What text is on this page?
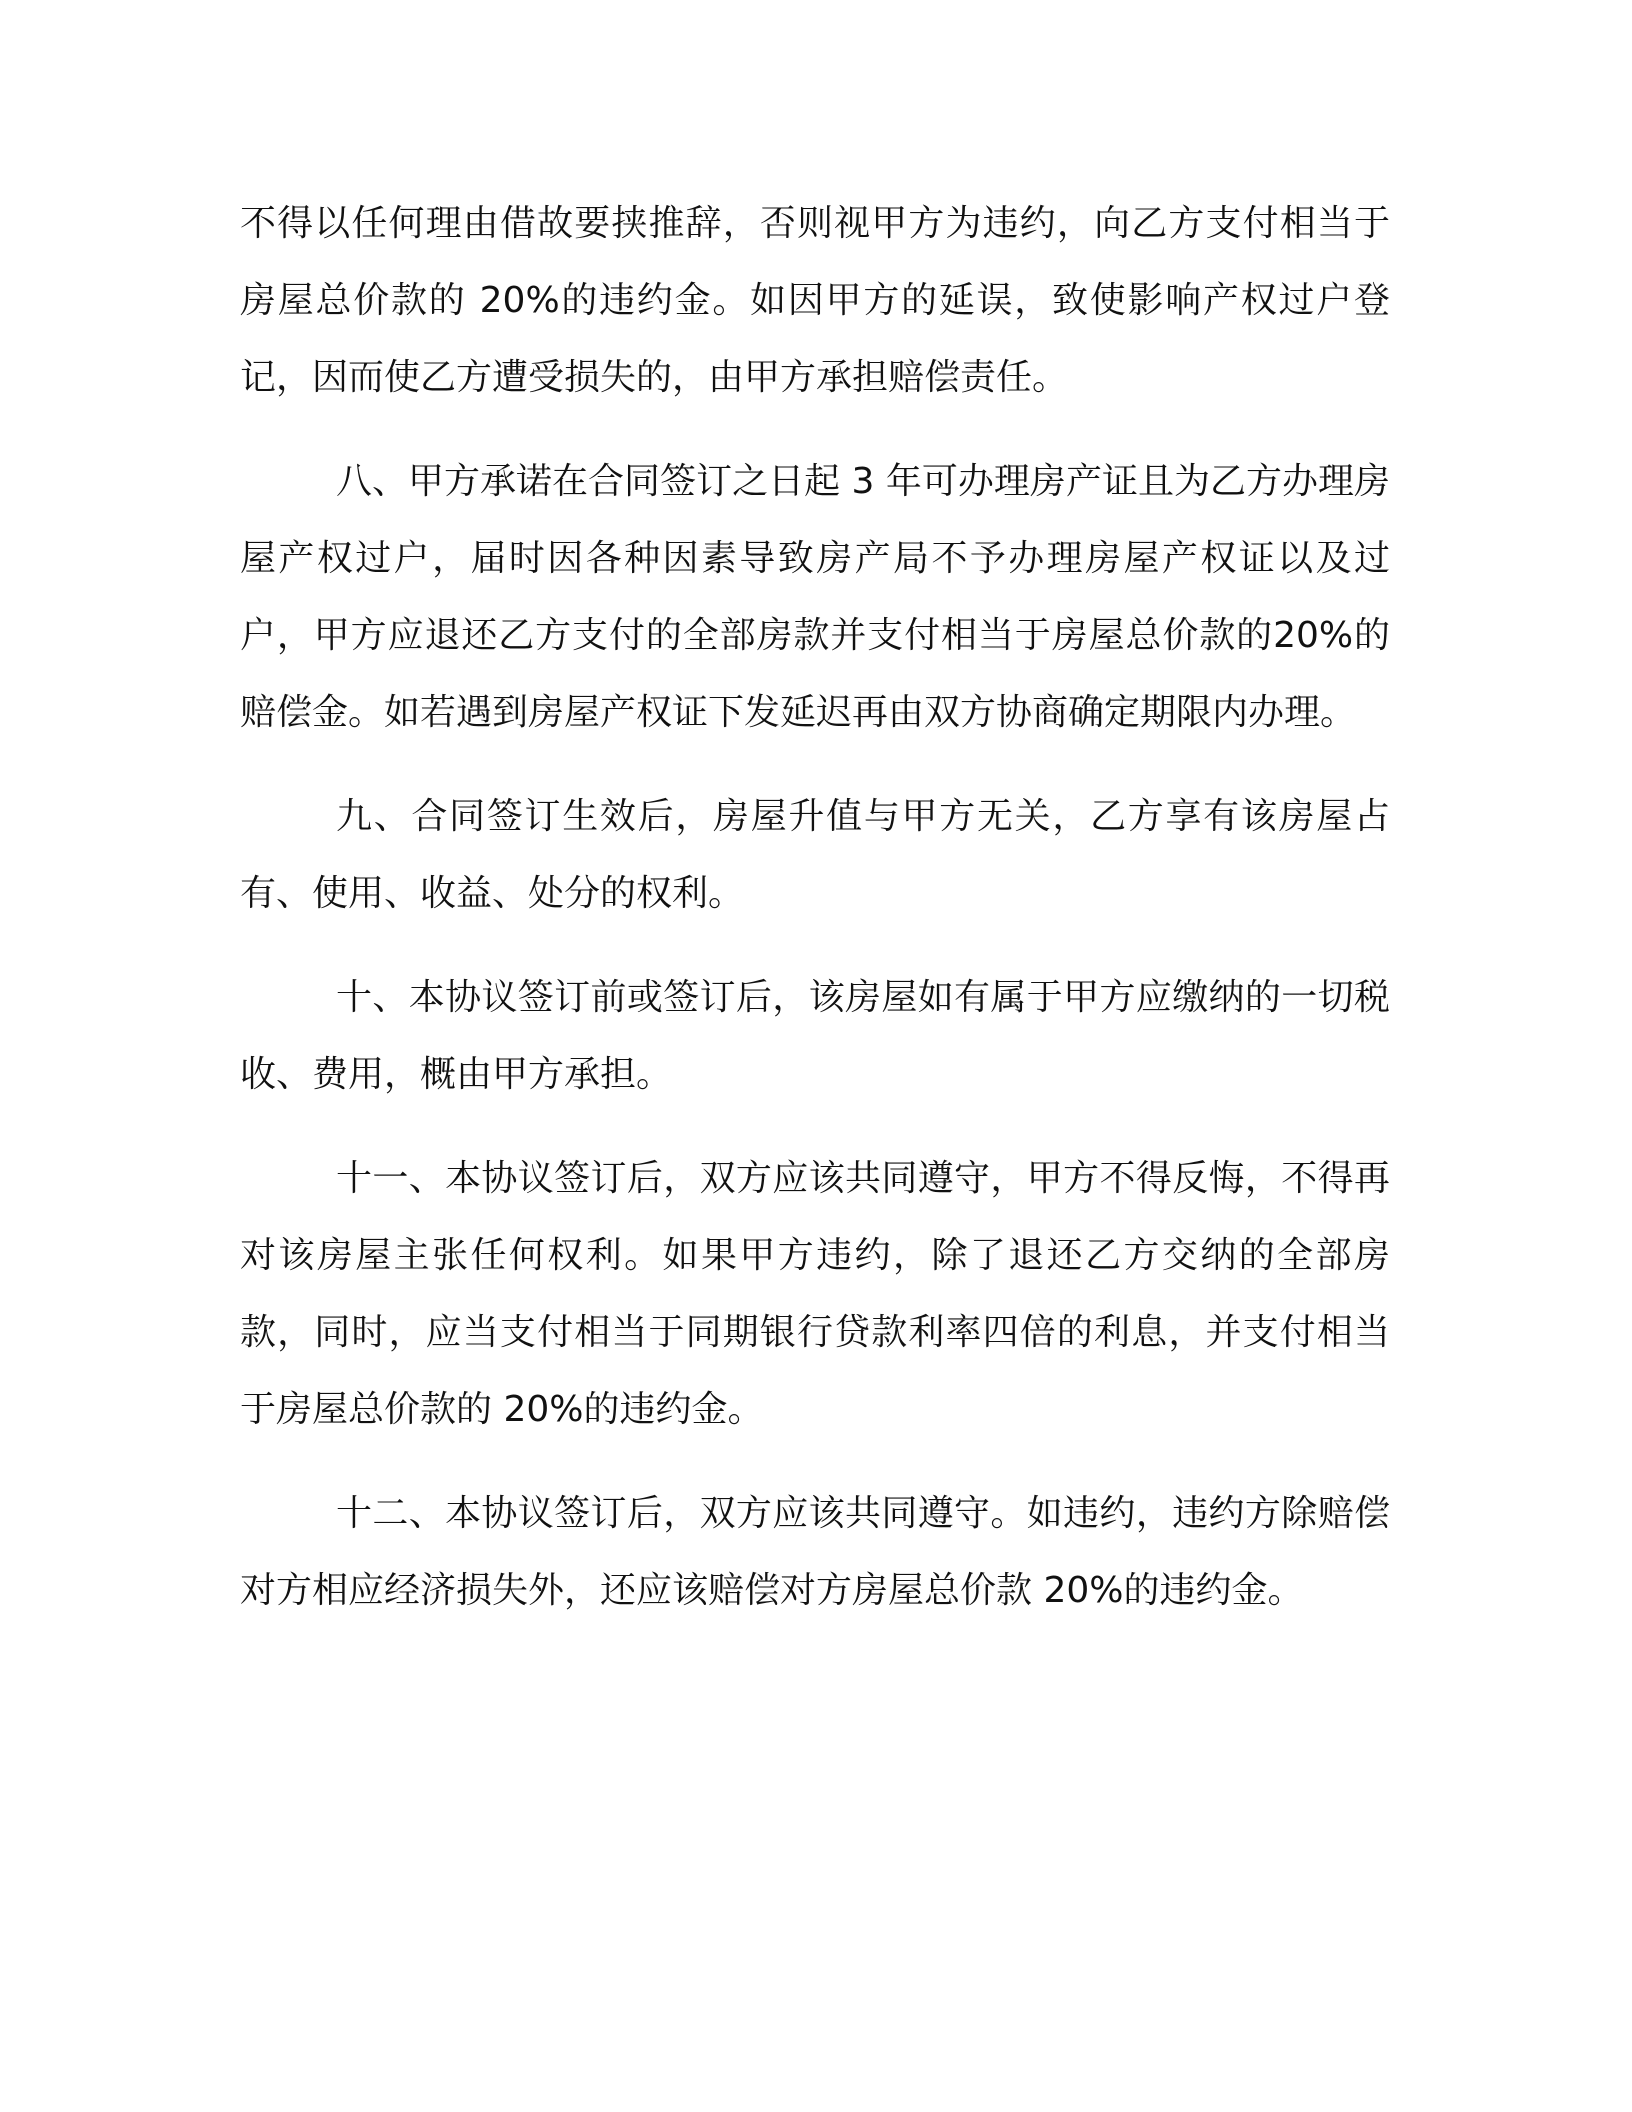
不得以任何理由借故要挟推辞，否则视甲方为违约，向乙方支付相当于房屋总价款的 20%的违约金。如因甲方的延误，致使影响产权过户登记，因而使乙方遭受损失的，由甲方承担赔偿责任。

八、甲方承诺在合同签订之日起 3 年可办理房产证且为乙方办理房屋产权过户，届时因各种因素导致房产局不予办理房屋产权证以及过户，甲方应退还乙方支付的全部房款并支付相当于房屋总价款的20%的赔偿金。如若遇到房屋产权证下发延迟再由双方协商确定期限内办理。

九、合同签订生效后，房屋升值与甲方无关，乙方享有该房屋占有、使用、收益、处分的权利。

十、本协议签订前或签订后，该房屋如有属于甲方应缴纳的一切税收、费用，概由甲方承担。

十一、本协议签订后，双方应该共同遵守，甲方不得反悔，不得再对该房屋主张任何权利。如果甲方违约，除了退还乙方交纳的全部房款，同时，应当支付相当于同期银行贷款利率四倍的利息，并支付相当于房屋总价款的 20%的违约金。

十二、本协议签订后，双方应该共同遵守。如违约，违约方除赔偿对方相应经济损失外，还应该赔偿对方房屋总价款 20%的违约金。
